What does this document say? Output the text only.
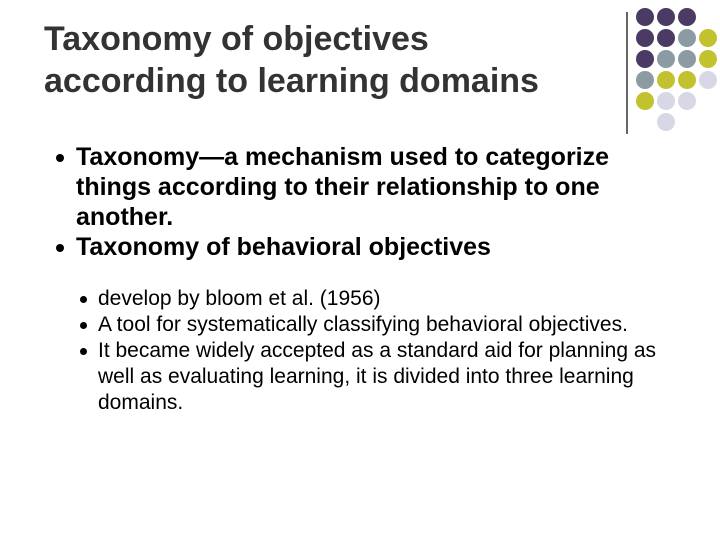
Taxonomy of objectives
according to learning domains
Taxonomy—a mechanism used to categorize things according to their relationship to one another.
Taxonomy of behavioral objectives
develop by bloom et al. (1956)
A tool for systematically classifying behavioral objectives.
It became widely accepted as a standard aid for planning as well as evaluating learning, it is divided into three learning domains.
